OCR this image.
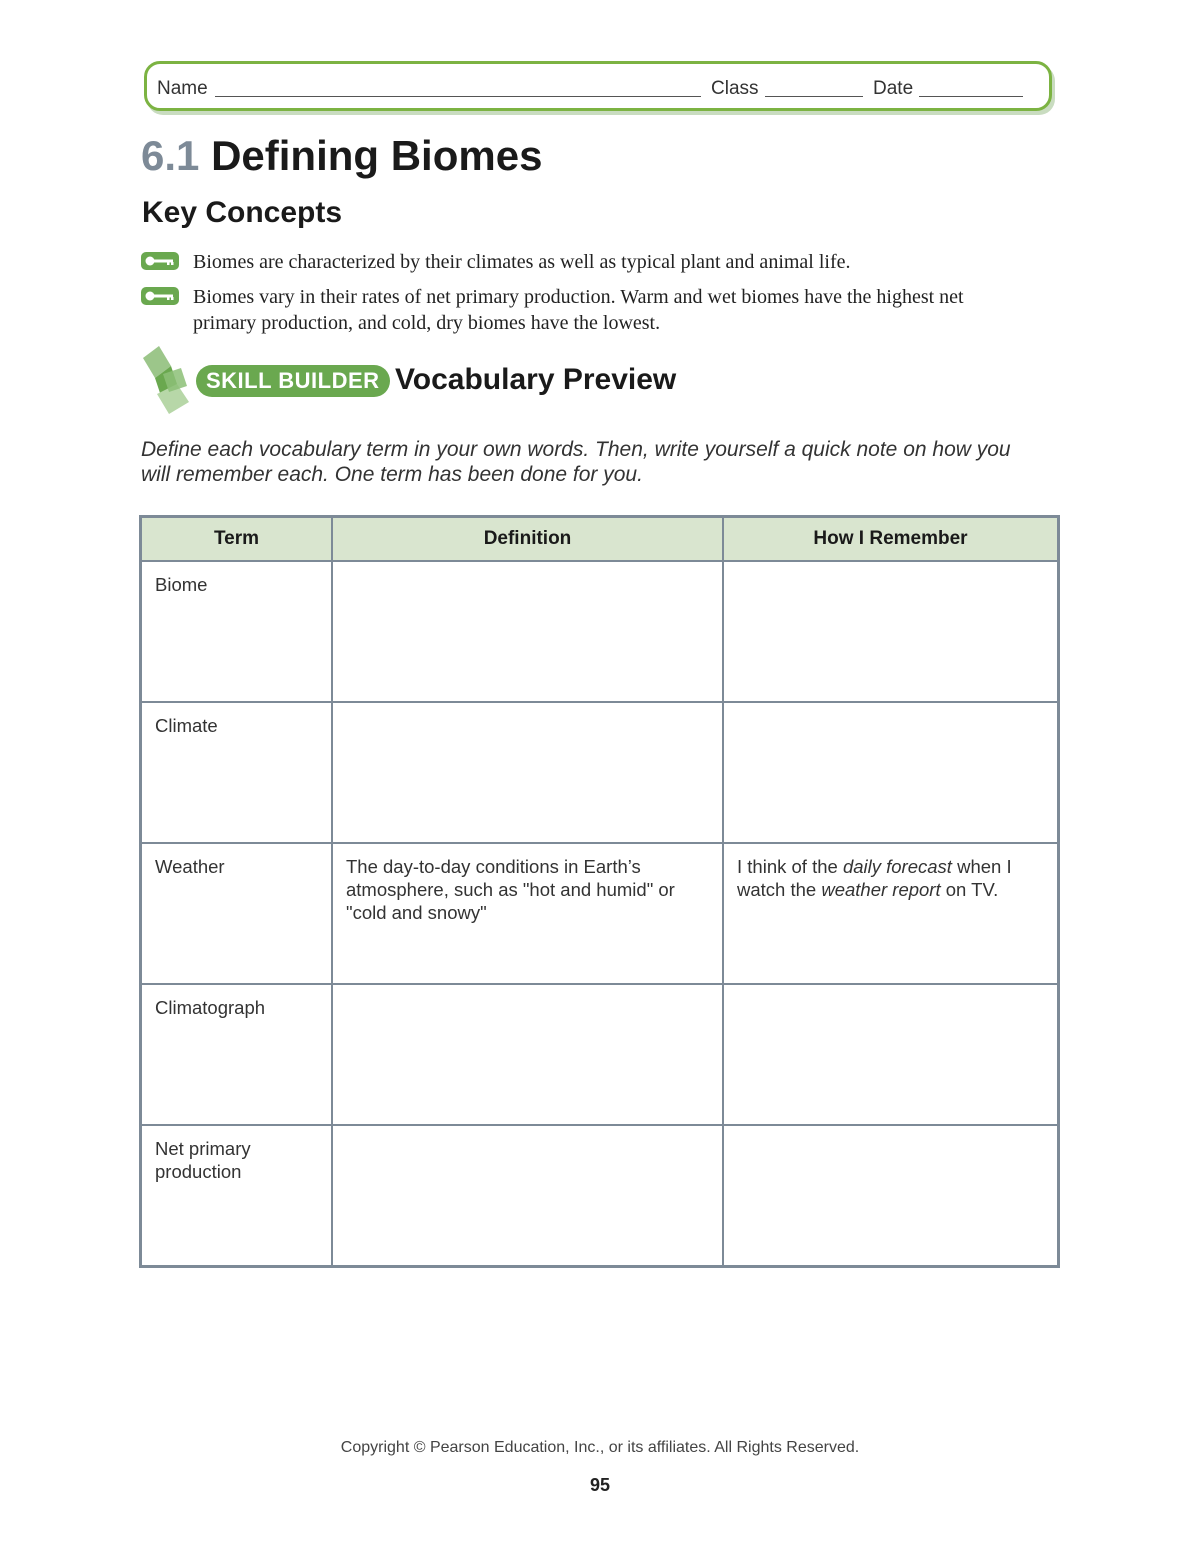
Name	Class	Date
6.1 Defining Biomes
Key Concepts
Biomes are characterized by their climates as well as typical plant and animal life.
Biomes vary in their rates of net primary production. Warm and wet biomes have the highest net primary production, and cold, dry biomes have the lowest.
SKILL BUILDER Vocabulary Preview

Define each vocabulary term in your own words. Then, write yourself a quick note on how you will remember each. One term has been done for you.

Term	Definition	How I Remember
Biome		
Climate		
Weather	The day-to-day conditions in Earth’s atmosphere, such as "hot and humid" or "cold and snowy"	I think of the daily forecast when I watch the weather report on TV.
Climatograph		
Net primary production		
Copyright © Pearson Education, Inc., or its affiliates. All Rights Reserved.
95
